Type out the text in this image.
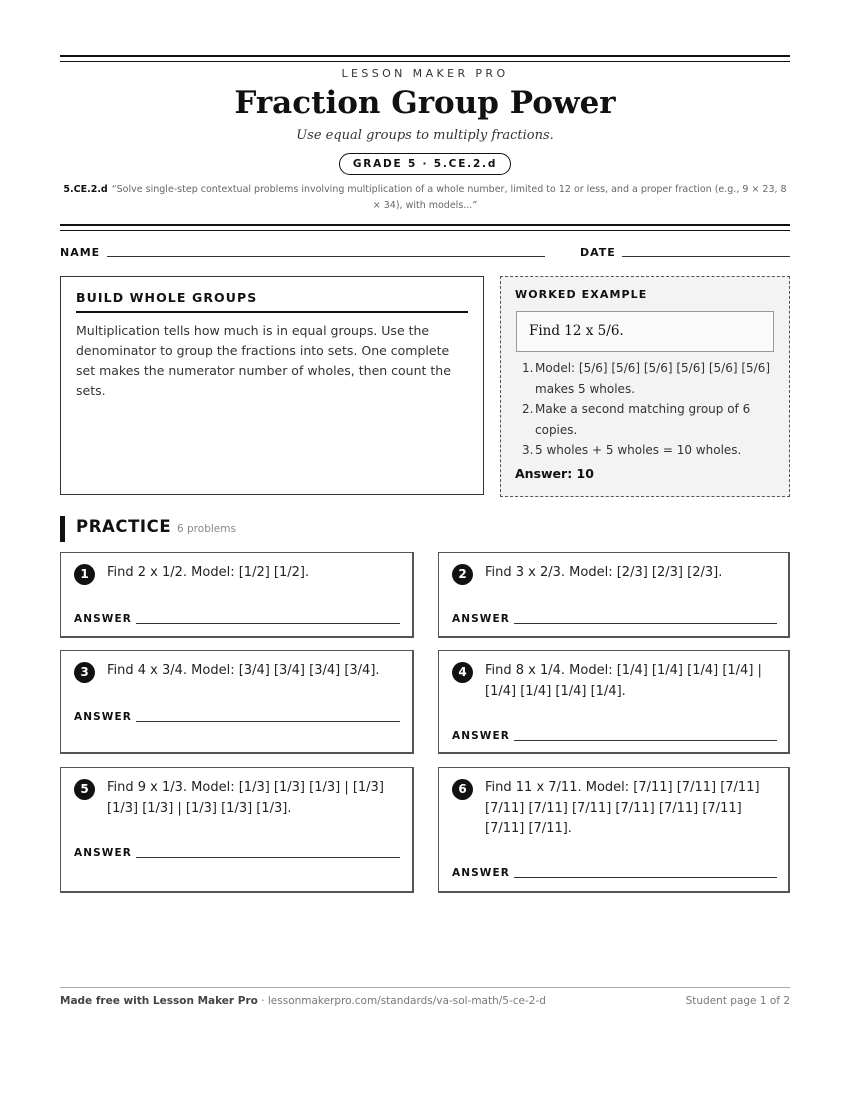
LESSON MAKER PRO
Fraction Group Power
Use equal groups to multiply fractions.
GRADE 5 · 5.CE.2.d
5.CE.2.d “Solve single-step contextual problems involving multiplication of a whole number, limited to 12 or less, and a proper fraction (e.g., 9 × 23, 8 × 34), with models...”
NAME	DATE
BUILD WHOLE GROUPS
Multiplication tells how much is in equal groups. Use the denominator to group the fractions into sets. One complete set makes the numerator number of wholes, then count the sets.
WORKED EXAMPLE
Find 12 x 5/6.
1. Model: [5/6] [5/6] [5/6] [5/6] [5/6] [5/6] makes 5 wholes.
2. Make a second matching group of 6 copies.
3. 5 wholes + 5 wholes = 10 wholes.
Answer: 10
PRACTICE 6 problems
1	Find 2 x 1/2. Model: [1/2] [1/2].
ANSWER
2	Find 3 x 2/3. Model: [2/3] [2/3] [2/3].
ANSWER
3	Find 4 x 3/4. Model: [3/4] [3/4] [3/4] [3/4].
ANSWER
4	Find 8 x 1/4. Model: [1/4] [1/4] [1/4] [1/4] | [1/4] [1/4] [1/4] [1/4].
ANSWER
5	Find 9 x 1/3. Model: [1/3] [1/3] [1/3] | [1/3] [1/3] [1/3] | [1/3] [1/3] [1/3].
ANSWER
6	Find 11 x 7/11. Model: [7/11] [7/11] [7/11] [7/11] [7/11] [7/11] [7/11] [7/11] [7/11] [7/11] [7/11].
ANSWER
Made free with Lesson Maker Pro · lessonmakerpro.com/standards/va-sol-math/5-ce-2-d	Student page 1 of 2
